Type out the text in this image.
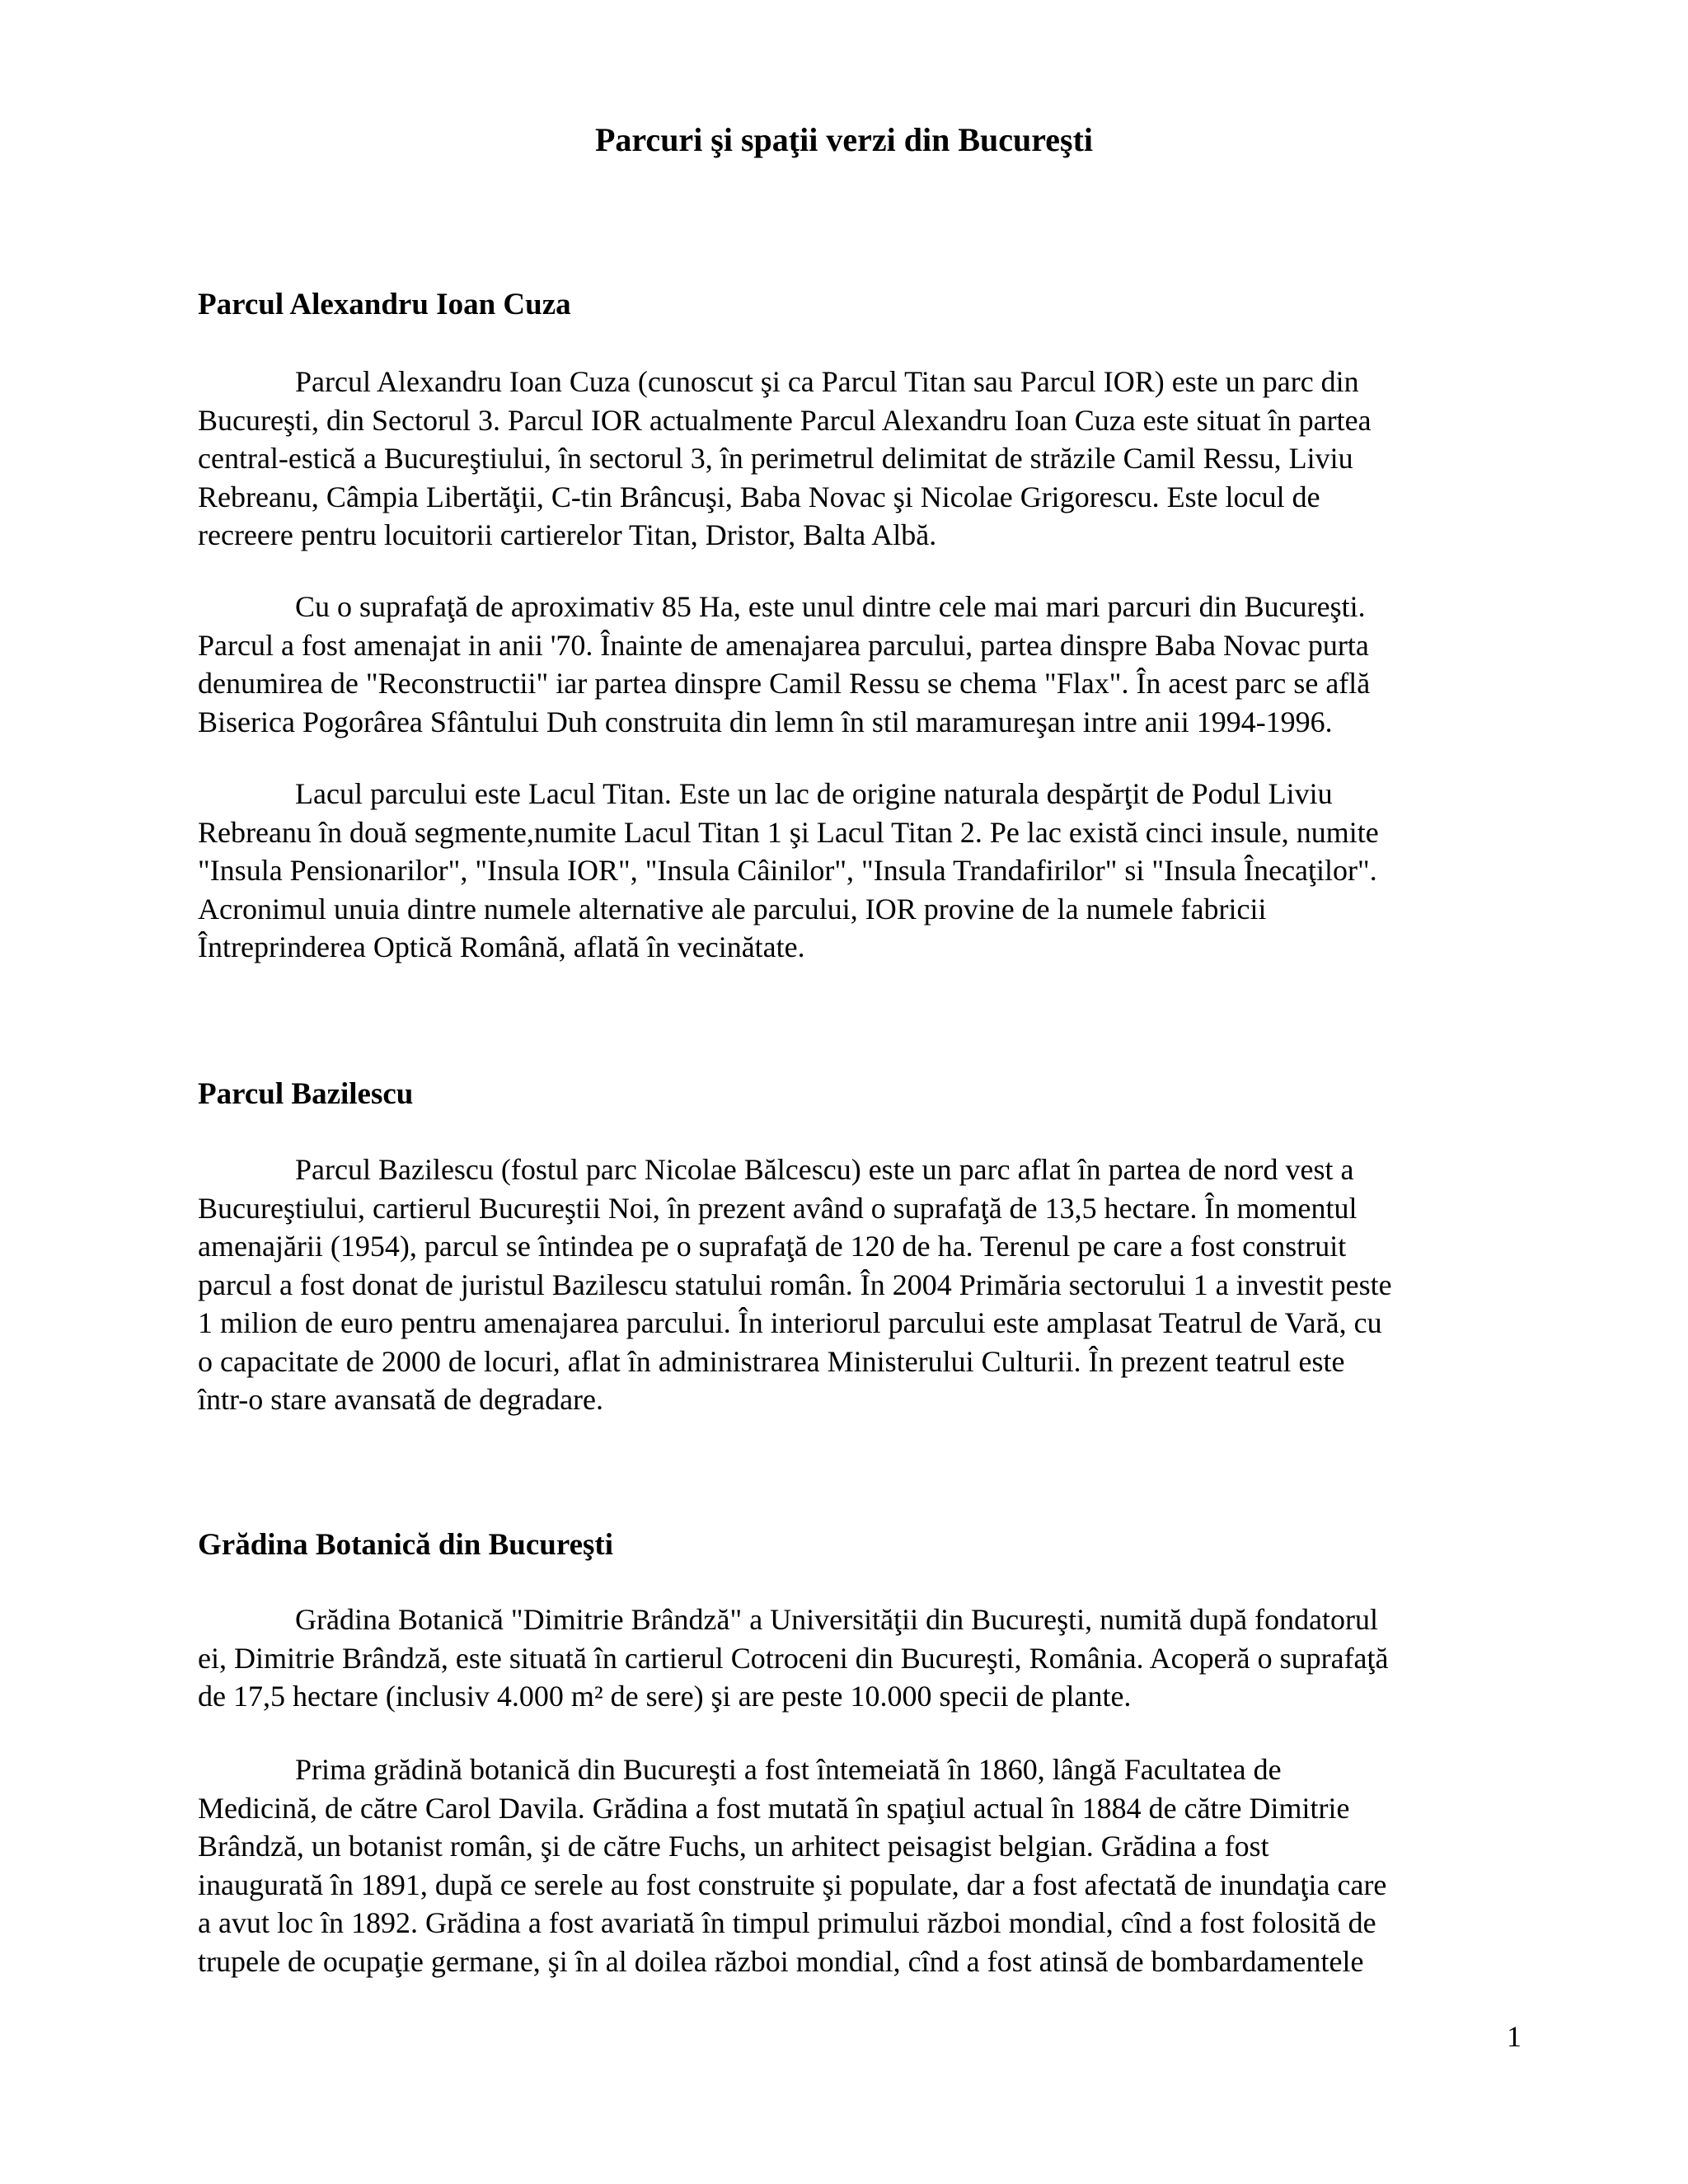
Parcuri şi spaţii verzi din Bucureşti
Parcul Alexandru Ioan Cuza
Parcul Alexandru Ioan Cuza (cunoscut şi ca Parcul Titan sau Parcul IOR) este un parc din
Bucureşti, din Sectorul 3. Parcul IOR actualmente Parcul Alexandru Ioan Cuza este situat în partea
central-estică a Bucureştiului, în sectorul 3, în perimetrul delimitat de străzile Camil Ressu, Liviu
Rebreanu, Câmpia Libertăţii, C-tin Brâncuşi, Baba Novac şi Nicolae Grigorescu. Este locul de
recreere pentru locuitorii cartierelor Titan, Dristor, Balta Albă.
Cu o suprafaţă de aproximativ 85 Ha, este unul dintre cele mai mari parcuri din Bucureşti.
Parcul a fost amenajat in anii '70. Înainte de amenajarea parcului, partea dinspre Baba Novac purta
denumirea de "Reconstructii" iar partea dinspre Camil Ressu se chema "Flax". În acest parc se află
Biserica Pogorârea Sfântului Duh construita din lemn în stil maramureşan intre anii 1994-1996.
Lacul parcului este Lacul Titan. Este un lac de origine naturala despărţit de Podul Liviu
Rebreanu în două segmente,numite Lacul Titan 1 şi Lacul Titan 2. Pe lac există cinci insule, numite
"Insula Pensionarilor", "Insula IOR", "Insula Câinilor", "Insula Trandafirilor" si "Insula Înecaţilor".
Acronimul unuia dintre numele alternative ale parcului, IOR provine de la numele fabricii
Întreprinderea Optică Română, aflată în vecinătate.
Parcul Bazilescu
Parcul Bazilescu (fostul parc Nicolae Bălcescu) este un parc aflat în partea de nord vest a
Bucureştiului, cartierul Bucureştii Noi, în prezent având o suprafaţă de 13,5 hectare. În momentul
amenajării (1954), parcul se întindea pe o suprafaţă de 120 de ha. Terenul pe care a fost construit
parcul a fost donat de juristul Bazilescu statului român. În 2004 Primăria sectorului 1 a investit peste
1 milion de euro pentru amenajarea parcului. În interiorul parcului este amplasat Teatrul de Vară, cu
o capacitate de 2000 de locuri, aflat în administrarea Ministerului Culturii. În prezent teatrul este
într-o stare avansată de degradare.
Grădina Botanică din Bucureşti
Grădina Botanică "Dimitrie Brândză" a Universităţii din Bucureşti, numită după fondatorul
ei, Dimitrie Brândză, este situată în cartierul Cotroceni din Bucureşti, România. Acoperă o suprafaţă
de 17,5 hectare (inclusiv 4.000 m² de sere) şi are peste 10.000 specii de plante.
Prima grădină botanică din Bucureşti a fost întemeiată în 1860, lângă Facultatea de
Medicină, de către Carol Davila. Grădina a fost mutată în spaţiul actual în 1884 de către Dimitrie
Brândză, un botanist român, şi de către Fuchs, un arhitect peisagist belgian. Grădina a fost
inaugurată în 1891, după ce serele au fost construite şi populate, dar a fost afectată de inundaţia care
a avut loc în 1892. Grădina a fost avariată în timpul primului război mondial, cînd a fost folosită de
trupele de ocupaţie germane, şi în al doilea război mondial, cînd a fost atinsă de bombardamentele
1
